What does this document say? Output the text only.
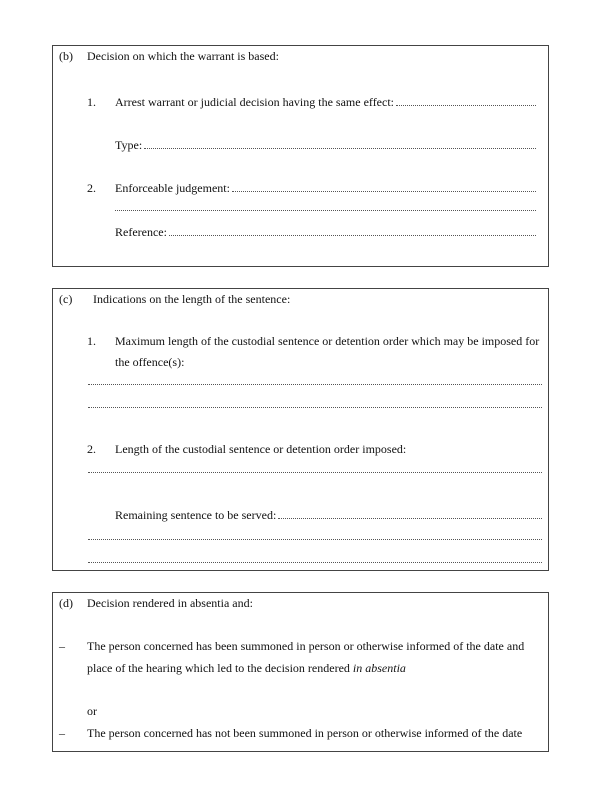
(b) Decision on which the warrant is based:
1. Arrest warrant or judicial decision having the same effect:
Type:
2. Enforceable judgement:
Reference:
(c) Indications on the length of the sentence:
1. Maximum length of the custodial sentence or detention order which may be imposed for
the offence(s):
2. Length of the custodial sentence or detention order imposed:
Remaining sentence to be served:
(d) Decision rendered in absentia and:
– The person concerned has been summoned in person or otherwise informed of the date and
place of the hearing which led to the decision rendered in absentia
or
– The person concerned has not been summoned in person or otherwise informed of the date
